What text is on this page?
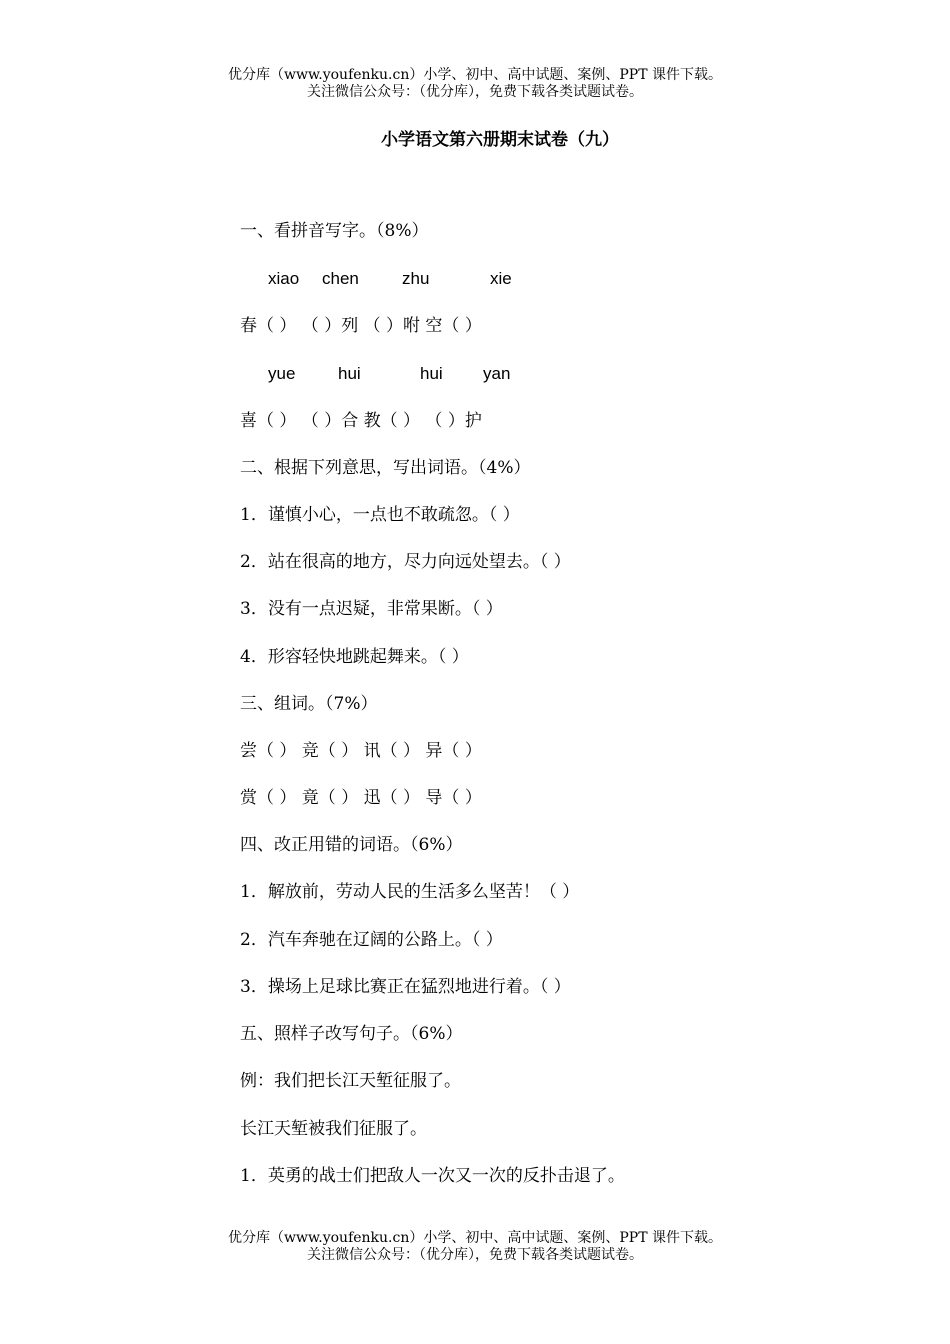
优分库（www.youfenku.cn）小学、初中、高中试题、案例、PPT 课件下载。
关注微信公众号：（优分库），免费下载各类试题试卷。
小学语文第六册期末试卷（九）
一、看拼音写字。（8%）
xiao chen	zhu	xie
春（ ） （ ）列 （ ）咐 空（ ）
yue	hui	hui yan
喜（ ） （ ）合 教（ ） （ ）护
二、根据下列意思，写出词语。（4%）
1．谨慎小心，一点也不敢疏忽。（ ）
2．站在很高的地方，尽力向远处望去。（ ）
3．没有一点迟疑，非常果断。（ ）
4．形容轻快地跳起舞来。（ ）
三、组词。（7%）
尝（ ） 竞（ ） 讯（ ） 异（ ）
赏（ ） 竟（ ） 迅（ ） 导（ ）
四、改正用错的词语。（6%）
1．解放前，劳动人民的生活多么坚苦！（ ）
2．汽车奔驰在辽阔的公路上。（ ）
3．操场上足球比赛正在猛烈地进行着。（ ）
五、照样子改写句子。（6%）
例：我们把长江天堑征服了。
长江天堑被我们征服了。
1．英勇的战士们把敌人一次又一次的反扑击退了。
优分库（www.youfenku.cn）小学、初中、高中试题、案例、PPT 课件下载。
关注微信公众号：（优分库），免费下载各类试题试卷。
